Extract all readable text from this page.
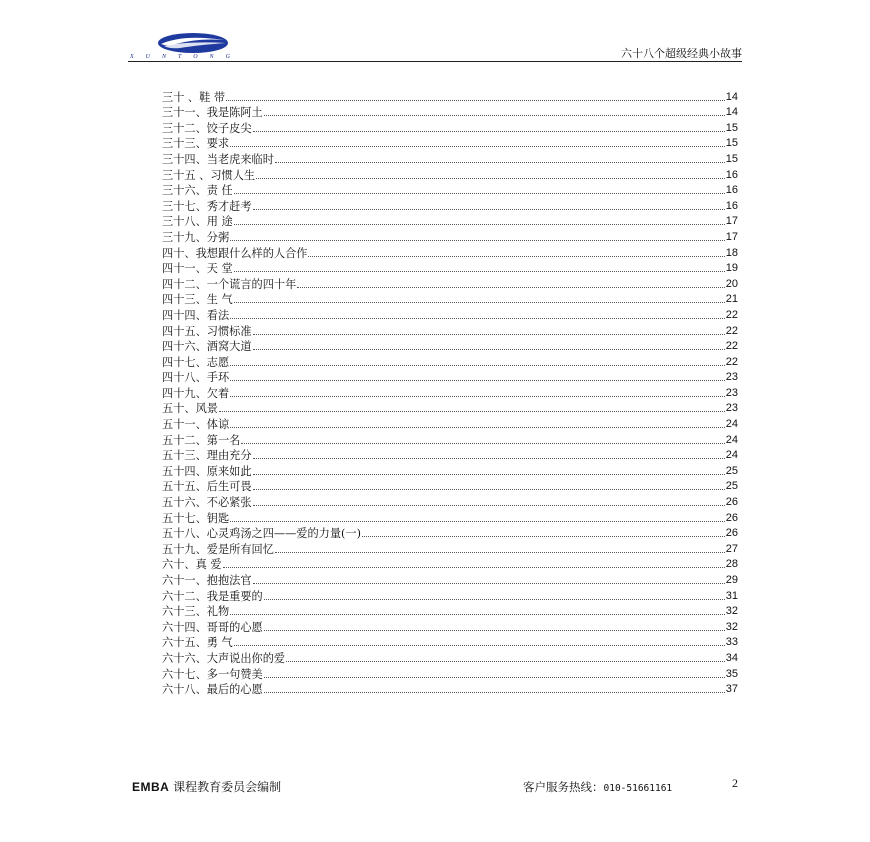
XUNTONG	六十八个超级经典小故事
三十 、 鞋 带	14
三十一、 我是陈阿土	14
三十二、 饺子皮尖	15
三十三、 要求	15
三十四、 当老虎来临时	15
三十五 、 习惯人生	16
三十六、 责 任	16
三十七、 秀才赶考	16
三十八、 用 途	17
三十九、 分粥	17
四十、 我想跟什么样的人合作	18
四十一、 天 堂	19
四十二、 一个谎言的四十年	20
四十三、 生 气	21
四十四、 看法	22
四十五、 习惯标准	22
四十六、 酒窝大道	22
四十七、 志愿	22
四十八、 手环	23
四十九、 欠着	23
五十、 风景	23
五十一、 体谅	24
五十二、 第一名	24
五十三、 理由充分	24
五十四、 原来如此	25
五十五、 后生可畏	25
五十六、 不必紧张	26
五十七、 钥匙	26
五十八、 心灵鸡汤之四——爱的力量(一)	26
五十九、 爱是所有回忆	27
六十、 真 爱	28
六十一、 抱抱法官	29
六十二、 我是重要的	31
六十三、 礼物	32
六十四、 哥哥的心愿	32
六十五、 勇 气	33
六十六、 大声说出你的爱	34
六十七、 多一句赞美	35
六十八、 最后的心愿	37
EMBA 课程教育委员会编制	客户服务热线：010-51661161	2
